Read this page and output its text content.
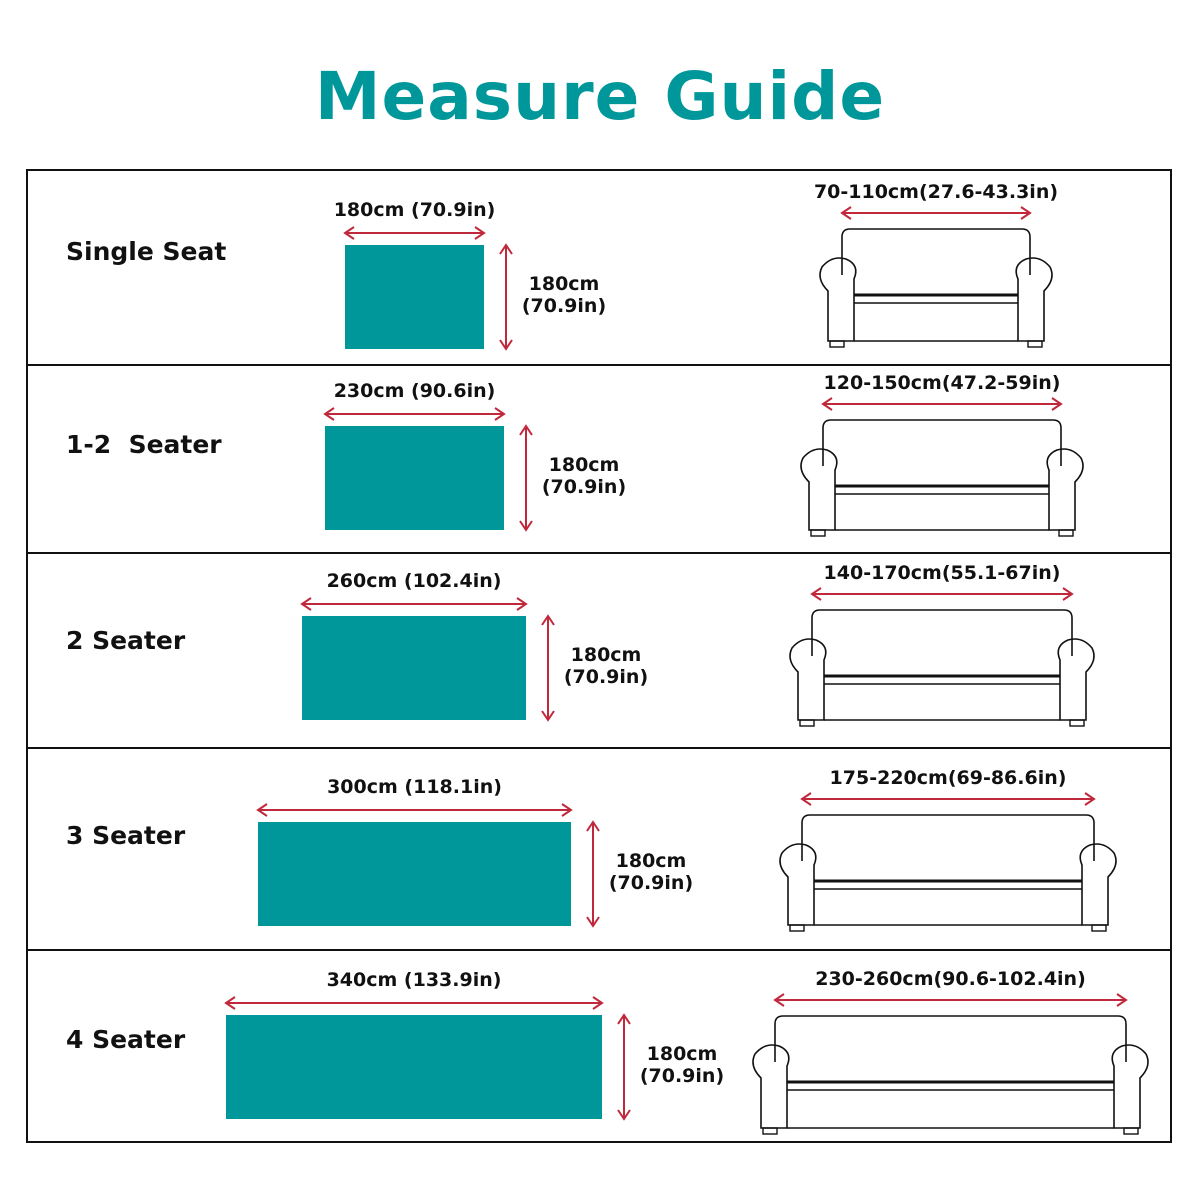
Measure Guide
Single Seat
180cm (70.9in)
180cm
(70.9in)
70-110cm(27.6-43.3in)
1-2  Seater
230cm (90.6in)
180cm
(70.9in)
120-150cm(47.2-59in)
2 Seater
260cm (102.4in)
180cm
(70.9in)
140-170cm(55.1-67in)
3 Seater
300cm (118.1in)
180cm
(70.9in)
175-220cm(69-86.6in)
4 Seater
340cm (133.9in)
180cm
(70.9in)
230-260cm(90.6-102.4in)
